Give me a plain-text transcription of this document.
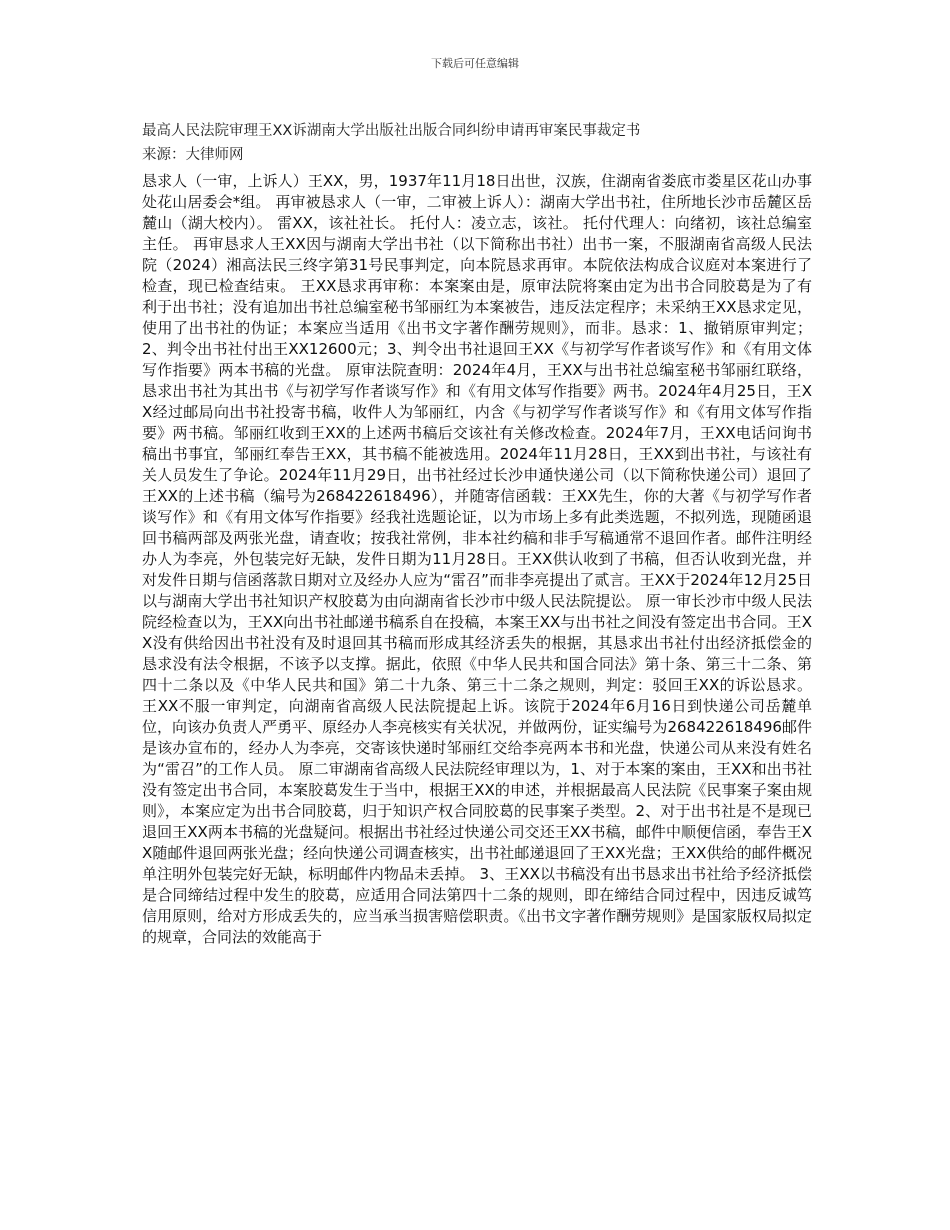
下载后可任意编辑
最高人民法院审理王XX诉湖南大学出版社出版合同纠纷申请再审案民事裁定书
来源：大律师网

恳求人（一审，上诉人）王XX，男，1937年11月18日出世，汉族，住湖南省娄底市娄星区花山办事处花山居委会*组。 再审被恳求人（一审，二审被上诉人）：湖南大学出书社，住所地长沙市岳麓区岳麓山（湖大校内）。 雷XX，该社社长。 托付人：凌立志，该社。 托付代理人：向绪初，该社总编室主任。 再审恳求人王XX因与湖南大学出书社（以下简称出书社）出书一案，不服湖南省高级人民法院（2024）湘高法民三终字第31号民事判定，向本院恳求再审。本院依法构成合议庭对本案进行了检查，现已检查结束。 王XX恳求再审称：本案案由是，原审法院将案由定为出书合同胶葛是为了有利于出书社；没有追加出书社总编室秘书邹丽红为本案被告，违反法定程序；未采纳王XX恳求定见，使用了出书社的伪证；本案应当适用《出书文字著作酬劳规则》，而非。恳求：1、撤销原审判定；2、判令出书社付出王XX12600元；3、判令出书社退回王XX《与初学写作者谈写作》和《有用文体写作指要》两本书稿的光盘。 原审法院查明：2024年4月，王XX与出书社总编室秘书邹丽红联络，恳求出书社为其出书《与初学写作者谈写作》和《有用文体写作指要》两书。2024年4月25日，王XX经过邮局向出书社投寄书稿，收件人为邹丽红，内含《与初学写作者谈写作》和《有用文体写作指要》两书稿。邹丽红收到王XX的上述两书稿后交该社有关修改检查。2024年7月，王XX电话问询书稿出书事宜，邹丽红奉告王XX，其书稿不能被选用。2024年11月28日，王XX到出书社，与该社有关人员发生了争论。2024年11月29日，出书社经过长沙申通快递公司（以下简称快递公司）退回了王XX的上述书稿（编号为268422618496），并随寄信函载：王XX先生，你的大著《与初学写作者谈写作》和《有用文体写作指要》经我社选题论证，以为市场上多有此类选题，不拟列选，现随函退回书稿两部及两张光盘，请查收；按我社常例，非本社约稿和非手写稿通常不退回作者。邮件注明经办人为李亮，外包装完好无缺，发件日期为11月28日。王XX供认收到了书稿，但否认收到光盘，并对发件日期与信函落款日期对立及经办人应为“雷召”而非李亮提出了贰言。王XX于2024年12月25日以与湖南大学出书社知识产权胶葛为由向湖南省长沙市中级人民法院提讼。 原一审长沙市中级人民法院经检查以为，王XX向出书社邮递书稿系自在投稿，本案王XX与出书社之间没有签定出书合同。王XX没有供给因出书社没有及时退回其书稿而形成其经济丢失的根据，其恳求出书社付出经济抵偿金的恳求没有法令根据，不该予以支撑。据此，依照《中华人民共和国合同法》第十条、第三十二条、第四十二条以及《中华人民共和国》第二十九条、第三十二条之规则，判定：驳回王XX的诉讼恳求。 王XX不服一审判定，向湖南省高级人民法院提起上诉。该院于2024年6月16日到快递公司岳麓单位，向该办负责人严勇平、原经办人李亮核实有关状况，并做两份，证实编号为268422618496邮件是该办宣布的，经办人为李亮，交寄该快递时邹丽红交给李亮两本书和光盘，快递公司从来没有姓名为“雷召”的工作人员。 原二审湖南省高级人民法院经审理以为，1、对于本案的案由，王XX和出书社没有签定出书合同，本案胶葛发生于当中，根据王XX的申述，并根据最高人民法院《民事案子案由规则》，本案应定为出书合同胶葛，归于知识产权合同胶葛的民事案子类型。2、对于出书社是不是现已退回王XX两本书稿的光盘疑问。根据出书社经过快递公司交还王XX书稿，邮件中顺便信函，奉告王XX随邮件退回两张光盘；经向快递公司调查核实，出书社邮递退回了王XX光盘；王XX供给的邮件概况单注明外包装完好无缺，标明邮件内物品未丢掉。 3、王XX以书稿没有出书恳求出书社给予经济抵偿是合同缔结过程中发生的胶葛，应适用合同法第四十二条的规则，即在缔结合同过程中，因违反诚笃信用原则，给对方形成丢失的，应当承当损害赔偿职责。《出书文字著作酬劳规则》是国家版权局拟定的规章，合同法的效能高于
